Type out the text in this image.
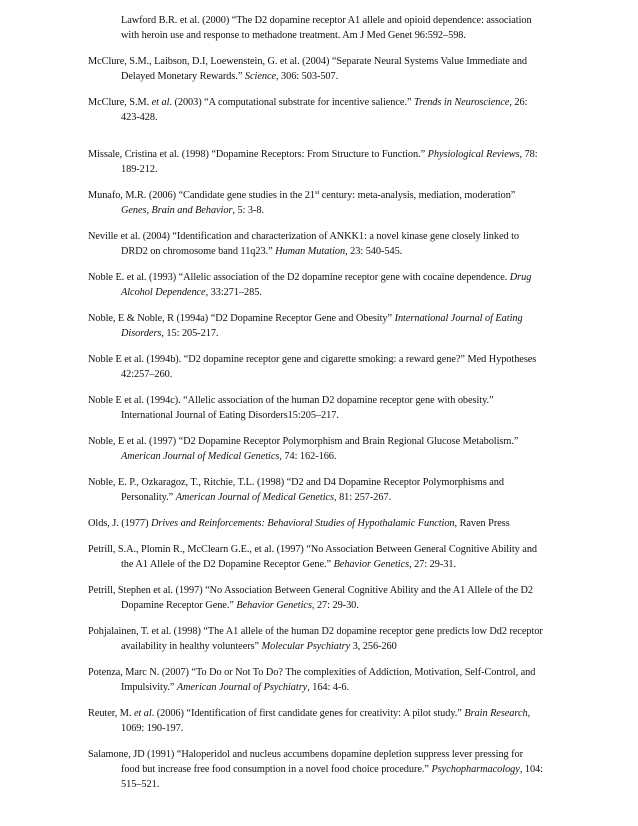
Lawford B.R. et al. (2000) “The D2 dopamine receptor A1 allele and opioid dependence: association with heroin use and response to methadone treatment. Am J Med Genet 96:592–598.

McClure, S.M., Laibson, D.I, Loewenstein, G. et al. (2004) “Separate Neural Systems Value Immediate and Delayed Monetary Rewards.” Science, 306: 503-507.

McClure, S.M. et al. (2003) “A computational substrate for incentive salience.” Trends in Neuroscience, 26: 423-428.

Missale, Cristina et al. (1998) “Dopamine Receptors: From Structure to Function.” Physiological Reviews, 78: 189-212.

Munafo, M.R. (2006) “Candidate gene studies in the 21st century: meta-analysis, mediation, moderation” Genes, Brain and Behavior, 5: 3-8.

Neville et al. (2004) “Identification and characterization of ANKK1: a novel kinase gene closely linked to DRD2 on chromosome band 11q23.” Human Mutation, 23: 540-545.

Noble E. et al. (1993) “Allelic association of the D2 dopamine receptor gene with cocaine dependence. Drug Alcohol Dependence, 33:271–285.

Noble, E & Noble, R (1994a) “D2 Dopamine Receptor Gene and Obesity” International Journal of Eating Disorders, 15: 205-217.

Noble E et al. (1994b). “D2 dopamine receptor gene and cigarette smoking: a reward gene?” Med Hypotheses 42:257–260.

Noble E et al. (1994c). “Allelic association of the human D2 dopamine receptor gene with obesity.” International Journal of Eating Disorders15:205–217.

Noble, E et al. (1997) “D2 Dopamine Receptor Polymorphism and Brain Regional Glucose Metabolism.” American Journal of Medical Genetics, 74: 162-166.

Noble, E. P., Ozkaragoz, T., Ritchie, T.L. (1998) “D2 and D4 Dopamine Receptor Polymorphisms and Personality.” American Journal of Medical Genetics, 81: 257-267.

Olds, J. (1977) Drives and Reinforcements: Behavioral Studies of Hypothalamic Function, Raven Press

Petrill, S.A., Plomin R., McClearn G.E., et al. (1997) “No Association Between General Cognitive Ability and the A1 Allele of the D2 Dopamine Receptor Gene.” Behavior Genetics, 27: 29-31.

Petrill, Stephen et al. (1997) “No Association Between General Cognitive Ability and the A1 Allele of the D2 Dopamine Receptor Gene.” Behavior Genetics, 27: 29-30.

Pohjalainen, T. et al. (1998) “The A1 allele of the human D2 dopamine receptor gene predicts low Dd2 receptor availability in healthy volunteers” Molecular Psychiatry 3, 256-260

Potenza, Marc N. (2007) “To Do or Not To Do? The complexities of Addiction, Motivation, Self-Control, and Impulsivity.” American Journal of Psychiatry, 164: 4-6.

Reuter, M. et al. (2006) “Identification of first candidate genes for creativity: A pilot study.” Brain Research, 1069: 190-197.

Salamone, JD (1991) “Haloperidol and nucleus accumbens dopamine depletion suppress lever pressing for food but increase free food consumption in a novel food choice procedure.” Psychopharmacology, 104: 515–521.
